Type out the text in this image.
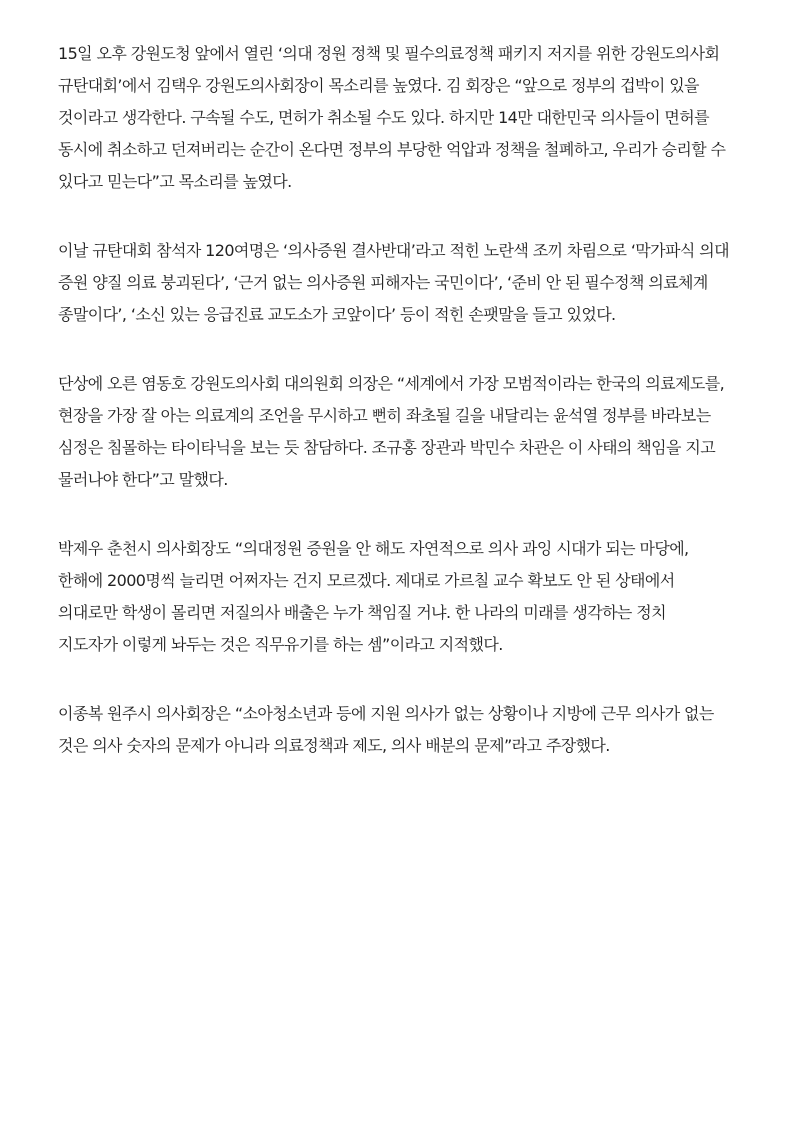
15일 오후 강원도청 앞에서 열린 ‘의대 정원 정책 및 필수의료정책 패키지 저지를 위한 강원도의사회
규탄대회’에서 김택우 강원도의사회장이 목소리를 높였다. 김 회장은 “앞으로 정부의 겁박이 있을
것이라고 생각한다. 구속될 수도, 면허가 취소될 수도 있다. 하지만 14만 대한민국 의사들이 면허를
동시에 취소하고 던져버리는 순간이 온다면 정부의 부당한 억압과 정책을 철폐하고, 우리가 승리할 수
있다고 믿는다”고 목소리를 높였다.

이날 규탄대회 참석자 120여명은 ‘의사증원 결사반대’라고 적힌 노란색 조끼 차림으로 ‘막가파식 의대
증원 양질 의료 붕괴된다’, ‘근거 없는 의사증원 피해자는 국민이다’, ‘준비 안 된 필수정책 의료체계
종말이다’, ‘소신 있는 응급진료 교도소가 코앞이다’ 등이 적힌 손팻말을 들고 있었다.

단상에 오른 염동호 강원도의사회 대의원회 의장은 “세계에서 가장 모범적이라는 한국의 의료제도를,
현장을 가장 잘 아는 의료계의 조언을 무시하고 뻔히 좌초될 길을 내달리는 윤석열 정부를 바라보는
심정은 침몰하는 타이타닉을 보는 듯 참담하다. 조규홍 장관과 박민수 차관은 이 사태의 책임을 지고
물러나야 한다”고 말했다.

박제우 춘천시 의사회장도 “의대정원 증원을 안 해도 자연적으로 의사 과잉 시대가 되는 마당에,
한해에 2000명씩 늘리면 어쩌자는 건지 모르겠다. 제대로 가르칠 교수 확보도 안 된 상태에서
의대로만 학생이 몰리면 저질의사 배출은 누가 책임질 거냐. 한 나라의 미래를 생각하는 정치
지도자가 이렇게 놔두는 것은 직무유기를 하는 셈”이라고 지적했다.

이종복 원주시 의사회장은 “소아청소년과 등에 지원 의사가 없는 상황이나 지방에 근무 의사가 없는
것은 의사 숫자의 문제가 아니라 의료정책과 제도, 의사 배분의 문제”라고 주장했다.
